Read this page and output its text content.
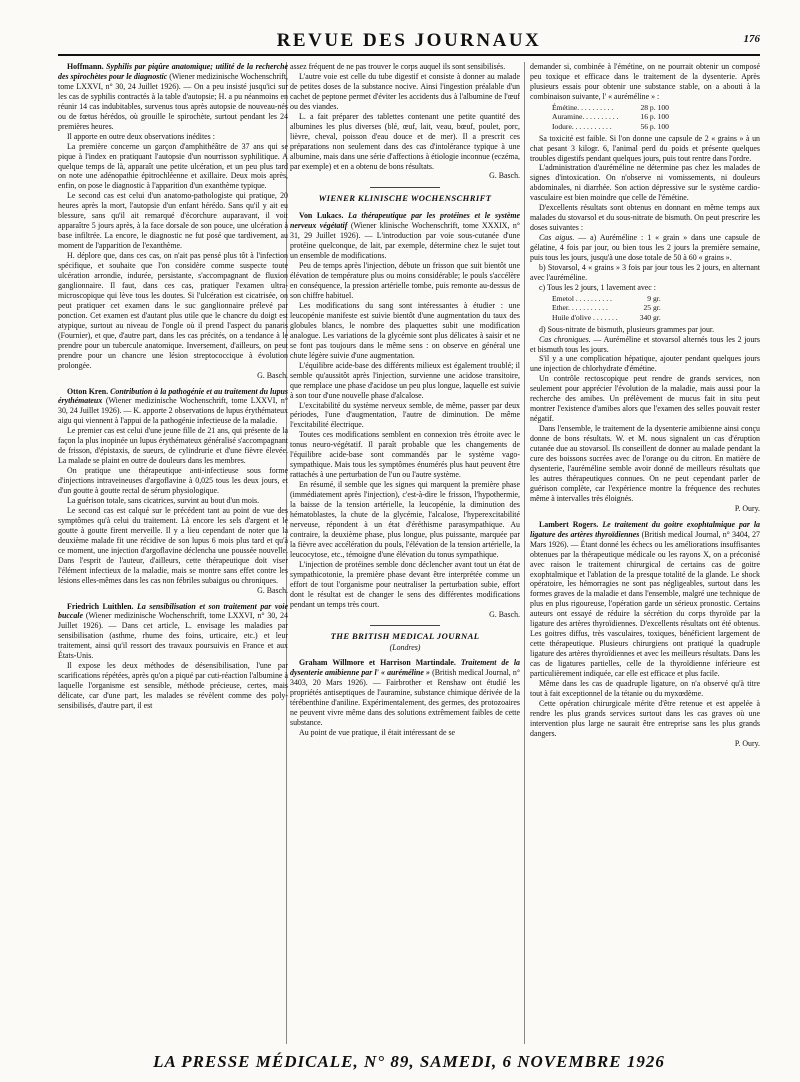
REVUE DES JOURNAUX	176

Hoffmann. Syphilis par piqûre anatomique; utilité de la recherche des spirochètes pour le diagnostic (Wiener medizinische Wochenschrift, tome LXXVI, n° 30, 24 Juillet 1926). — On a peu insisté jusqu'ici sur les cas de syphilis contractés à la table d'autopsie; H. a pu néanmoins en réunir 14 cas indubitables, survenus tous après autopsie de nouveau-nés ou de fœtus hérédos, où grouille le spirochète, surtout pendant les 24 premières heures.

Il apporte en outre deux observations inédites :

La première concerne un garçon d'amphithéâtre de 37 ans qui se pique à l'index en pratiquant l'autopsie d'un nourrisson syphilitique. A quelque temps de là, apparaît une petite ulcération, et un peu plus tard on note une adénopathie épitrochléenne et axillaire. Deux mois après, enfin, on pose le diagnostic à l'apparition d'un exanthème typique.

Le second cas est celui d'un anatomo-pathologiste qui pratique, 20 heures après la mort, l'autopsie d'un enfant hérédo. Sans qu'il y ait eu blessure, sans qu'il ait remarqué d'écorchure auparavant, il voit apparaître 5 jours après, à la face dorsale de son pouce, une ulcération à base infiltrée. La encore, le diagnostic ne fut posé que tardivement, au moment de l'apparition de l'exanthème.

H. déplore que, dans ces cas, on n'ait pas pensé plus tôt à l'infection spécifique, et souhaite que l'on considère comme suspecte toute ulcération arrondie, indurée, persistante, s'accompagnant de fluxion ganglionnaire. Il faut, dans ces cas, pratiquer l'examen ultra-microscopique qui lève tous les doutes. Si l'ulcération est cicatrisée, on peut pratiquer cet examen dans le suc ganglionnaire prélevé par ponction. Cet examen est d'autant plus utile que le chancre du doigt est atypique, surtout au niveau de l'ongle où il prend l'aspect du panaris (Fournier), et que, d'autre part, dans les cas précités, on a tendance à le prendre pour un tubercule anatomique. Inversement, d'ailleurs, on peut prendre pour un chancre une lésion streptococcique à évolution prolongée.

G. Basch.

Otton Kren. Contribution à la pathogénie et au traitement du lupus érythémateux (Wiener medizinische Wochenschrift, tome LXXVI, n° 30, 24 Juillet 1926). — K. apporte 2 observations de lupus érythémateux aigu qui viennent à l'appui de la pathogénie infectieuse de la maladie.

Le premier cas est celui d'une jeune fille de 21 ans, qui présente de la façon la plus inopinée un lupus érythémateux généralisé s'accompagnant de frisson, d'épistaxis, de sueurs, de cylindrurie et d'une fièvre élevée. La malade se plaint en outre de douleurs dans les membres.

On pratique une thérapeutique anti-infectieuse sous forme d'injections intraveineuses d'argoflavine à 0,025 tous les deux jours, et d'un goutte à goutte rectal de sérum physiologique.

La guérison totale, sans cicatrices, survint au bout d'un mois.

Le second cas est calqué sur le précédent tant au point de vue des symptômes qu'à celui du traitement. Là encore les sels d'argent et le goutte à goutte firent merveille. Il y a lieu cependant de noter que la deuxième malade fit une récidive de son lupus 6 mois plus tard et qu'à ce moment, une injection d'argoflavine déclencha une poussée nouvelle. Dans l'esprit de l'auteur, d'ailleurs, cette thérapeutique doit viser l'élément infectieux de la maladie, mais se montre sans effet contre les lésions elles-mêmes dans les cas non fébriles subaigus ou chroniques.

G. Basch.

Friedrich Luithlen. La sensibilisation et son traitement par voie buccale (Wiener medizinische Wochenschrift, tome LXXVI, n° 30, 24 Juillet 1926). — Dans cet article, L. envisage les maladies par sensibilisation (asthme, rhume des foins, urticaire, etc.) et leur traitement, ainsi qu'il ressort des travaux poursuivis en France et aux États-Unis.

Il expose les deux méthodes de désensibilisation, l'une par scarifications répétées, après qu'on a piqué par cuti-réaction l'albumine à laquelle l'organisme est sensible, méthode précieuse, certes, mais délicate, car d'une part, les malades se révèlent comme des poly-sensibilisés, d'autre part, il est

assez fréquent de ne pas trouver le corps auquel ils sont sensibilisés.

L'autre voie est celle du tube digestif et consiste à donner au malade de petites doses de la substance nocive. Ainsi l'ingestion préalable d'un cachet de peptone permet d'éviter les accidents dus à l'albumine de l'œuf ou des viandes.

L. a fait préparer des tablettes contenant une petite quantité des albumines les plus diverses (blé, œuf, lait, veau, bœuf, poulet, porc, lièvre, cheval, poisson d'eau douce et de mer). Il a prescrit ces préparations non seulement dans des cas d'intolérance typique à une albumine, mais dans une série d'affections à étiologie inconnue (eczéma, par exemple) et en a obtenu de bons résultats.

G. Basch.

WIENER KLINISCHE WOCHENSCHRIFT

Von Lukacs. La thérapeutique par les protéines et le système nerveux végétatif (Wiener klinische Wochenschrift, tome XXXIX, n° 31, 29 Juillet 1926). — L'introduction par voie sous-cutanée d'une protéine quelconque, de lait, par exemple, détermine chez le sujet tout un ensemble de modifications.

Peu de temps après l'injection, débute un frisson que suit bientôt une élévation de température plus ou moins considérable; le pouls s'accélère en conséquence, la pression artérielle tombe, puis remonte au-dessus de son chiffre habituel.

Les modifications du sang sont intéressantes à étudier : une leucopénie manifeste est suivie bientôt d'une augmentation du taux des globules blancs, le nombre des plaquettes subit une modification analogue. Les variations de la glycémie sont plus délicates à saisir et ne se font pas toujours dans le même sens : on observe en général une chute légère suivie d'une augmentation.

L'équilibre acide-base des différents milieux est également troublé; il semble qu'aussitôt après l'injection, survienne une acidose transitoire, que remplace une phase d'acidose un peu plus longue, laquelle est suivie à son tour d'une nouvelle phase d'alcalose.

L'excitabilité du système nerveux semble, de même, passer par deux périodes, l'une d'augmentation, l'autre de diminution. De même l'excitabilité électrique.

Toutes ces modifications semblent en connexion très étroite avec le tonus neuro-végétatif. Il paraît probable que les changements de l'équilibre acide-base sont commandés par le système vago-sympathique. Mais tous les symptômes énumérés plus haut peuvent être rattachés à une perturbation de l'un ou l'autre système.

En résumé, il semble que les signes qui marquent la première phase (immédiatement après l'injection), c'est-à-dire le frisson, l'hypothermie, la baisse de la tension artérielle, la leucopénie, la diminution des hématoblastes, la chute de la glycémie, l'alcalose, l'hyperexcitabilité nerveuse, répondent à un état d'éréthisme parasympathique. Au contraire, la deuxième phase, plus longue, plus puissante, marquée par la fièvre avec accélération du pouls, l'élévation de la tension artérielle, la leucocytose, etc., témoigne d'une élévation du tonus sympathique.

L'injection de protéines semble donc déclencher avant tout un état de sympathicotonie, la première phase devant être interprétée comme un effort de tout l'organisme pour neutraliser la perturbation subie, effort dont le résultat est de changer le sens des différentes modifications pendant un temps très court.

G. Basch.

THE BRITISH MEDICAL JOURNAL

(Londres)

Graham Willmore et Harrison Martindale. Traitement de la dysenterie amibienne par l' « auréméline » (British medical Journal, n° 3403, 20 Mars 1926). — Fairbrother et Renshaw ont étudié les propriétés antiseptiques de l'auramine, substance chimique dérivée de la térébenthine d'aniline. Expérimentalement, des germes, des protozoaires ne peuvent vivre même dans des solutions extrêmement faibles de cette substance.

Au point de vue pratique, il était intéressant de se

demander si, combinée à l'émétine, on ne pourrait obtenir un composé peu toxique et efficace dans le traitement de la dysenterie. Après plusieurs essais pour obtenir une substance stable, on a abouti à la combinaison suivante, l' « auréméline » :

Émétine. . . . . . . . . .	28 p. 100
Auramine. . . . . . . . . .	16 p. 100
Iodure. . . . . . . . . . .	56 p. 100

Sa toxicité est faible. Si l'on donne une capsule de 2 « grains » à un chat pesant 3 kilogr. 6, l'animal perd du poids et présente quelques troubles digestifs pendant quelques jours, puis tout rentre dans l'ordre.

L'administration d'auréméline ne détermine pas chez les malades de signes d'intoxication. On n'observe ni vomissements, ni douleurs abdominales, ni diarrhée. Son action dépressive sur le système cardio-vasculaire est bien moindre que celle de l'émétine.

D'excellents résultats sont obtenus en donnant en même temps aux malades du stovarsol et du sous-nitrate de bismuth. On peut prescrire les doses suivantes :

Cas aigus. — a) Auréméline : 1 « grain » dans une capsule de gélatine, 4 fois par jour, ou bien tous les 2 jours la première semaine, puis tous les jours, jusqu'à une dose totale de 50 à 60 « grains ».

b) Stovarsol, 4 « grains » 3 fois par jour tous les 2 jours, en alternant avec l'auréméline.

c) Tous les 2 jours, 1 lavement avec :

Emetol . . . . . . . . . .	9 gr.
Ether. . . . . . . . . . .	25 gr.
Huile d'olive . . . . . . .	340 gr.

d) Sous-nitrate de bismuth, plusieurs grammes par jour.

Cas chroniques. — Auréméline et stovarsol alternés tous les 2 jours et bismuth tous les jours.

S'il y a une complication hépatique, ajouter pendant quelques jours une injection de chlorhydrate d'émétine.

Un contrôle rectoscopique peut rendre de grands services, non seulement pour apprécier l'évolution de la maladie, mais aussi pour la recherche des amibes. Un prélèvement de mucus fait in situ peut montrer l'existence d'amibes alors que l'examen des selles pouvait rester négatif.

Dans l'ensemble, le traitement de la dysenterie amibienne ainsi conçu donne de bons résultats. W. et M. nous signalent un cas d'éruption cutanée due au stovarsol. Ils conseillent de donner au malade pendant la cure des boissons sucrées avec de l'orange ou du citron. En matière de dysenterie, l'auréméline semble avoir donné de meilleurs résultats que les autres thérapeutiques connues. On ne peut cependant parler de guérison complète, car l'expérience montre la fréquence des rechutes même à intervalles très éloignés.

P. Oury.

Lambert Rogers. Le traitement du goitre exophtalmique par la ligature des artères thyroïdiennes (British medical Journal, n° 3404, 27 Mars 1926). — Étant donné les échecs ou les améliorations insuffisantes obtenues par la thérapeutique médicale ou les rayons X, on a préconisé avec raison le traitement chirurgical de certains cas de goitre exophtalmique et l'ablation de la presque totalité de la glande. Le shock opératoire, les hémorragies ne sont pas négligeables, surtout dans les formes graves de la maladie et dans l'ensemble, malgré une technique de plus en plus rigoureuse, l'opération garde un sérieux pronostic. Certains auteurs ont essayé de réduire la sécrétion du corps thyroïde par la ligature des artères thyroïdiennes. D'excellents résultats ont été obtenus. Les goitres diffus, très vasculaires, toxiques, bénéficient largement de cette thérapeutique. Plusieurs chirurgiens ont pratiqué la quadruple ligature des artères thyroïdiennes et avec les meilleurs résultats. Dans les cas de ligatures partielles, celle de la thyroïdienne inférieure est particulièrement indiquée, car elle est efficace et plus facile.

Même dans les cas de quadruple ligature, on n'a observé qu'à titre tout à fait exceptionnel de la tétanie ou du myxœdème.

Cette opération chirurgicale mérite d'être retenue et est appelée à rendre les plus grands services surtout dans les cas graves où une intervention plus large ne saurait être entreprise sans les plus grands dangers.

P. Oury.

LA PRESSE MÉDICALE, N° 89, SAMEDI, 6 NOVEMBRE 1926
